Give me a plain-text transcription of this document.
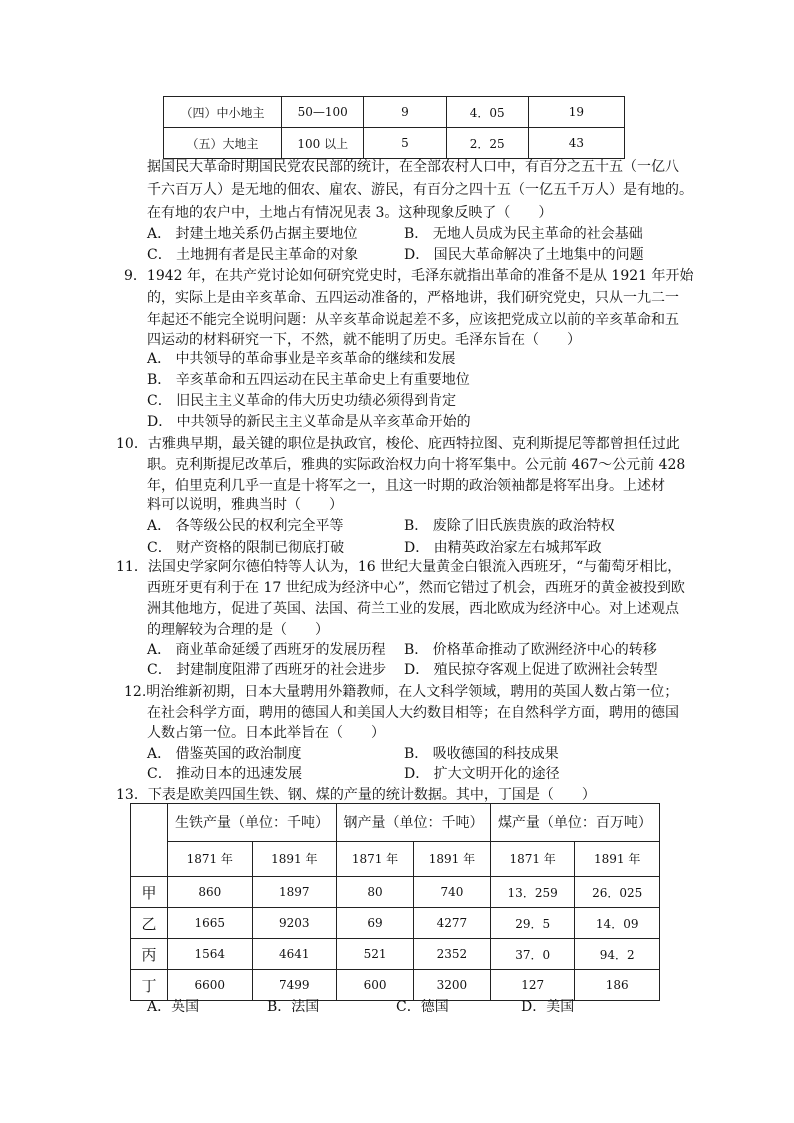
（四）中小地主	50—100	9	4．05	19
（五）大地主	100 以上	5	2．25	43
据国民大革命时期国民党农民部的统计，在全部农村人口中，有百分之五十五（一亿八
千六百万人）是无地的佃农、雇农、游民，有百分之四十五（一亿五千万人）是有地的。
在有地的农户中，土地占有情况见表 3。这种现象反映了（　　）
A． 封建土地关系仍占据主要地位	B． 无地人员成为民主革命的社会基础
C． 土地拥有者是民主革命的对象	D． 国民大革命解决了土地集中的问题
9．1942 年，在共产党讨论如何研究党史时，毛泽东就指出革命的准备不是从 1921 年开始
的，实际上是由辛亥革命、五四运动准备的，严格地讲，我们研究党史，只从一九二一
年起还不能完全说明问题：从辛亥革命说起差不多，应该把党成立以前的辛亥革命和五
四运动的材料研究一下，不然，就不能明了历史。毛泽东旨在（　　）
A． 中共领导的革命事业是辛亥革命的继续和发展
B． 辛亥革命和五四运动在民主革命史上有重要地位
C． 旧民主主义革命的伟大历史功绩必须得到肯定
D． 中共领导的新民主主义革命是从辛亥革命开始的
10．古雅典早期，最关键的职位是执政官，梭伦、庇西特拉图、克利斯提尼等都曾担任过此
职。克利斯提尼改革后，雅典的实际政治权力向十将军集中。公元前 467～公元前 428
年，伯里克利几乎一直是十将军之一，且这一时期的政治领袖都是将军出身。上述材
料可以说明，雅典当时（　　）
A． 各等级公民的权利完全平等	B． 废除了旧氏族贵族的政治特权
C． 财产资格的限制已彻底打破	D． 由精英政治家左右城邦军政
11．法国史学家阿尔德伯特等人认为，16 世纪大量黄金白银流入西班牙，“与葡萄牙相比，
西班牙更有利于在 17 世纪成为经济中心”，然而它错过了机会，西班牙的黄金被投到欧
洲其他地方，促进了英国、法国、荷兰工业的发展，西北欧成为经济中心。对上述观点
的理解较为合理的是（　　）
A． 商业革命延缓了西班牙的发展历程 B． 价格革命推动了欧洲经济中心的转移
C． 封建制度阻滞了西班牙的社会进步 D． 殖民掠夺客观上促进了欧洲社会转型
12.明治维新初期，日本大量聘用外籍教师，在人文科学领域，聘用的英国人数占第一位；
在社会科学方面，聘用的德国人和美国人大约数目相等；在自然科学方面，聘用的德国
人数占第一位。日本此举旨在（　　）
A． 借鉴英国的政治制度	B． 吸收德国的科技成果
C． 推动日本的迅速发展	D． 扩大文明开化的途径
13．下表是欧美四国生铁、钢、煤的产量的统计数据。其中，丁国是（　　）
	生铁产量（单位：千吨）		钢产量（单位：千吨）		煤产量（单位：百万吨）	
	1871 年	1891 年	1871 年	1891 年	1871 年	1891 年
甲	860	1897	80	740	13．259	26．025
乙	1665	9203	69	4277	29．5	14．09
丙	1564	4641	521	2352	37．0	94．2
丁	6600	7499	600	3200	127	186
A．英国	B．法国	C．德国	D．美国
